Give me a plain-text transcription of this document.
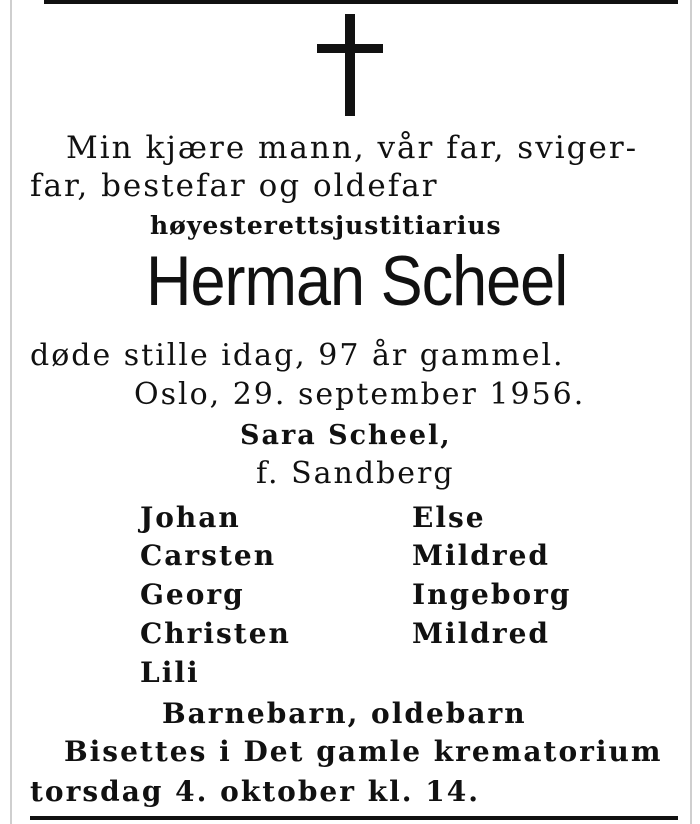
Min kjære mann, vår far, sviger-
far, bestefar og oldefar
høyesterettsjustitiarius
Herman Scheel
døde stille idag, 97 år gammel.
Oslo, 29. september 1956.
Sara Scheel,
f. Sandberg
Johan
Carsten
Georg
Christen
Lili
Else
Mildred
Ingeborg
Mildred
Barnebarn, oldebarn
Bisettes i Det gamle krematorium
torsdag 4. oktober kl. 14.
